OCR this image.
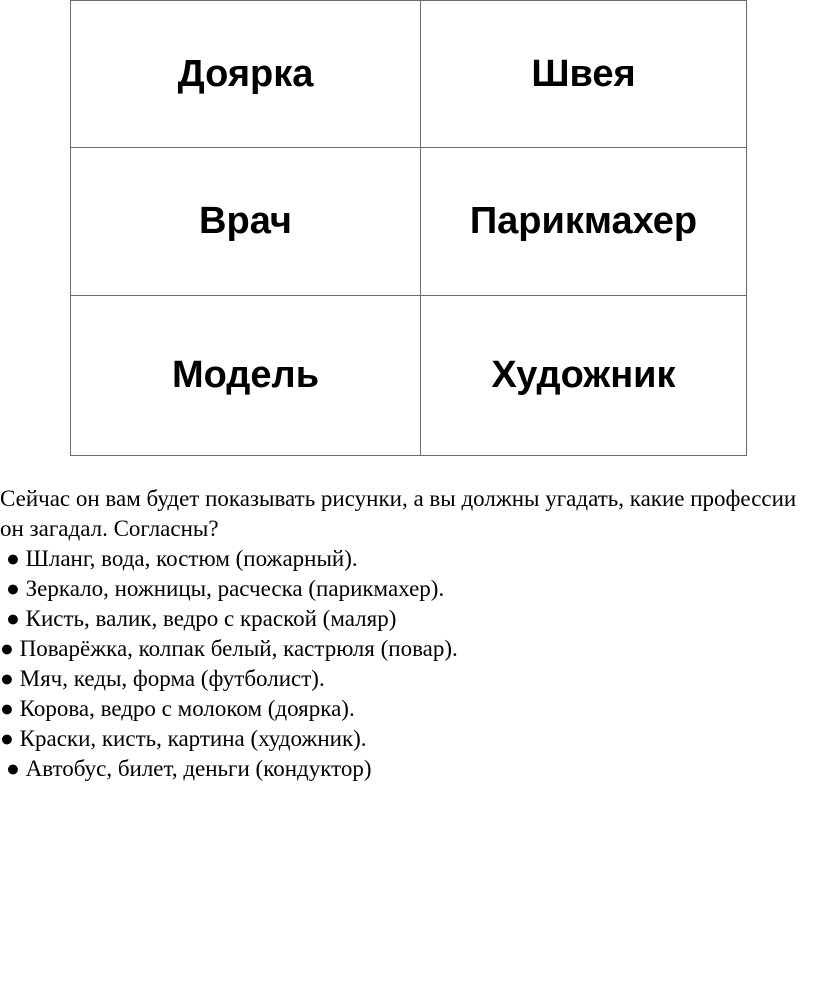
Доярка	Швея
Врач	Парикмахер
Модель	Художник

Сейчас он вам будет показывать рисунки, а вы должны угадать, какие профессии он загадал. Согласны?

● Шланг, вода, костюм (пожарный).
● Зеркало, ножницы, расческа (парикмахер).
● Кисть, валик, ведро с краской (маляр)
● Поварёжка, колпак белый, кастрюля (повар).
● Мяч, кеды, форма (футболист).
● Корова, ведро с молоком (доярка).
● Краски, кисть, картина (художник).
● Автобус, билет, деньги (кондуктор)
